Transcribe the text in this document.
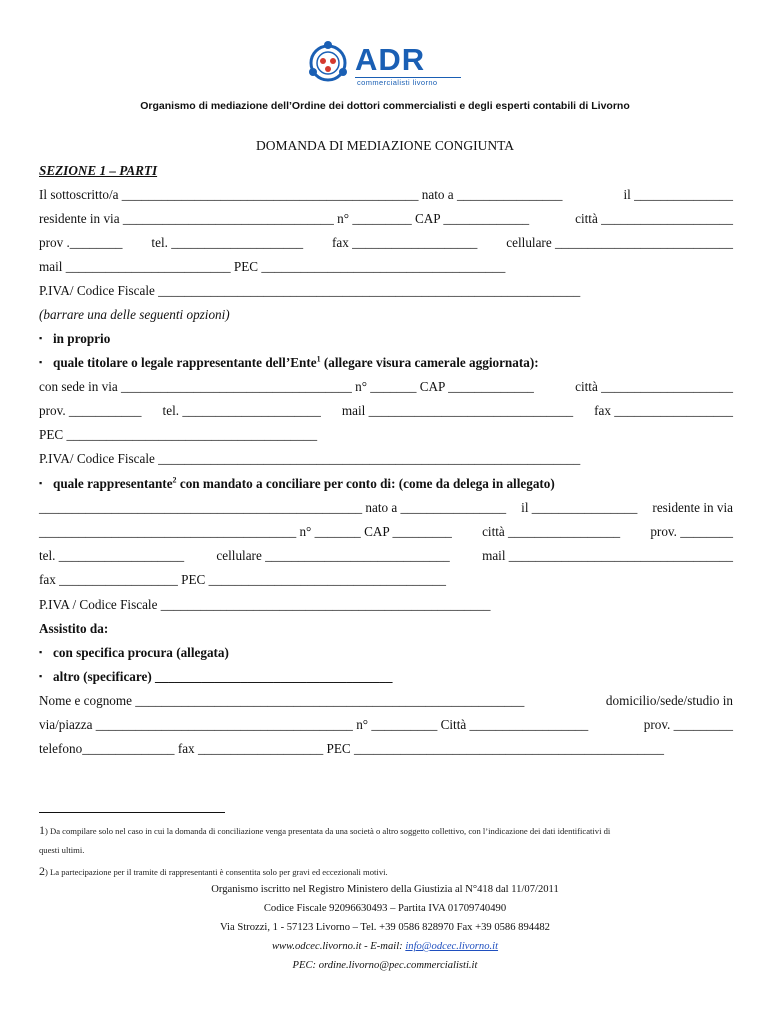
ADR
commercialisti livorno
Organismo di mediazione dell’Ordine dei dottori commercialisti e degli esperti contabili di Livorno
DOMANDA DI MEDIAZIONE CONGIUNTA
SEZIONE 1 – PARTI
Il sottoscritto/a _____________________________________________ nato a ________________	il _______________
residente in via ________________________________ n° _________ CAP _____________	città ____________________
prov .________ tel. ____________________ fax ___________________ cellulare ___________________________
mail _________________________ PEC _____________________________________
P.IVA/ Codice Fiscale ________________________________________________________________
(barrare una delle seguenti opzioni)
▪ in proprio
▪ quale titolare o legale rappresentante dell’Ente$^1$ (allegare visura camerale aggiornata):
con sede in via ___________________________________ n° _______ CAP _____________	città ____________________
prov. ___________ tel. _____________________ mail _______________________________ fax __________________
PEC ______________________________________
P.IVA/ Codice Fiscale ________________________________________________________________
▪ quale rappresentante$^2$ con mandato a conciliare per conto di: (come da delega in allegato)
_________________________________________________ nato a ________________ il ________________ residente in via
_______________________________________ n° _______ CAP _________ città _________________ prov. ________
tel. ___________________ cellulare ____________________________ mail __________________________________
fax __________________ PEC ____________________________________
P.IVA / Codice Fiscale __________________________________________________
Assistito da:
▪ con specifica procura (allegata)
▪ altro (specificare) ____________________________________
Nome e cognome ___________________________________________________________	domicilio/sede/studio in
via/piazza _______________________________________ n° __________ Città __________________	prov. _________
telefono______________ fax ___________________ PEC _______________________________________________
1) Da compilare solo nel caso in cui la domanda di conciliazione venga presentata da una società o altro soggetto collettivo, con l’indicazione dei dati identificativi di
questi ultimi.
2) La partecipazione per il tramite di rappresentanti è consentita solo per gravi ed eccezionali motivi.
Organismo iscritto nel Registro Ministero della Giustizia al N°418 dal 11/07/2011
Codice Fiscale 92096630493 – Partita IVA 01709740490
Via Strozzi, 1 - 57123 Livorno – Tel. +39 0586 828970 Fax +39 0586 894482
www.odcec.livorno.it - E-mail: info@odcec.livorno.it
PEC: ordine.livorno@pec.commercialisti.it
